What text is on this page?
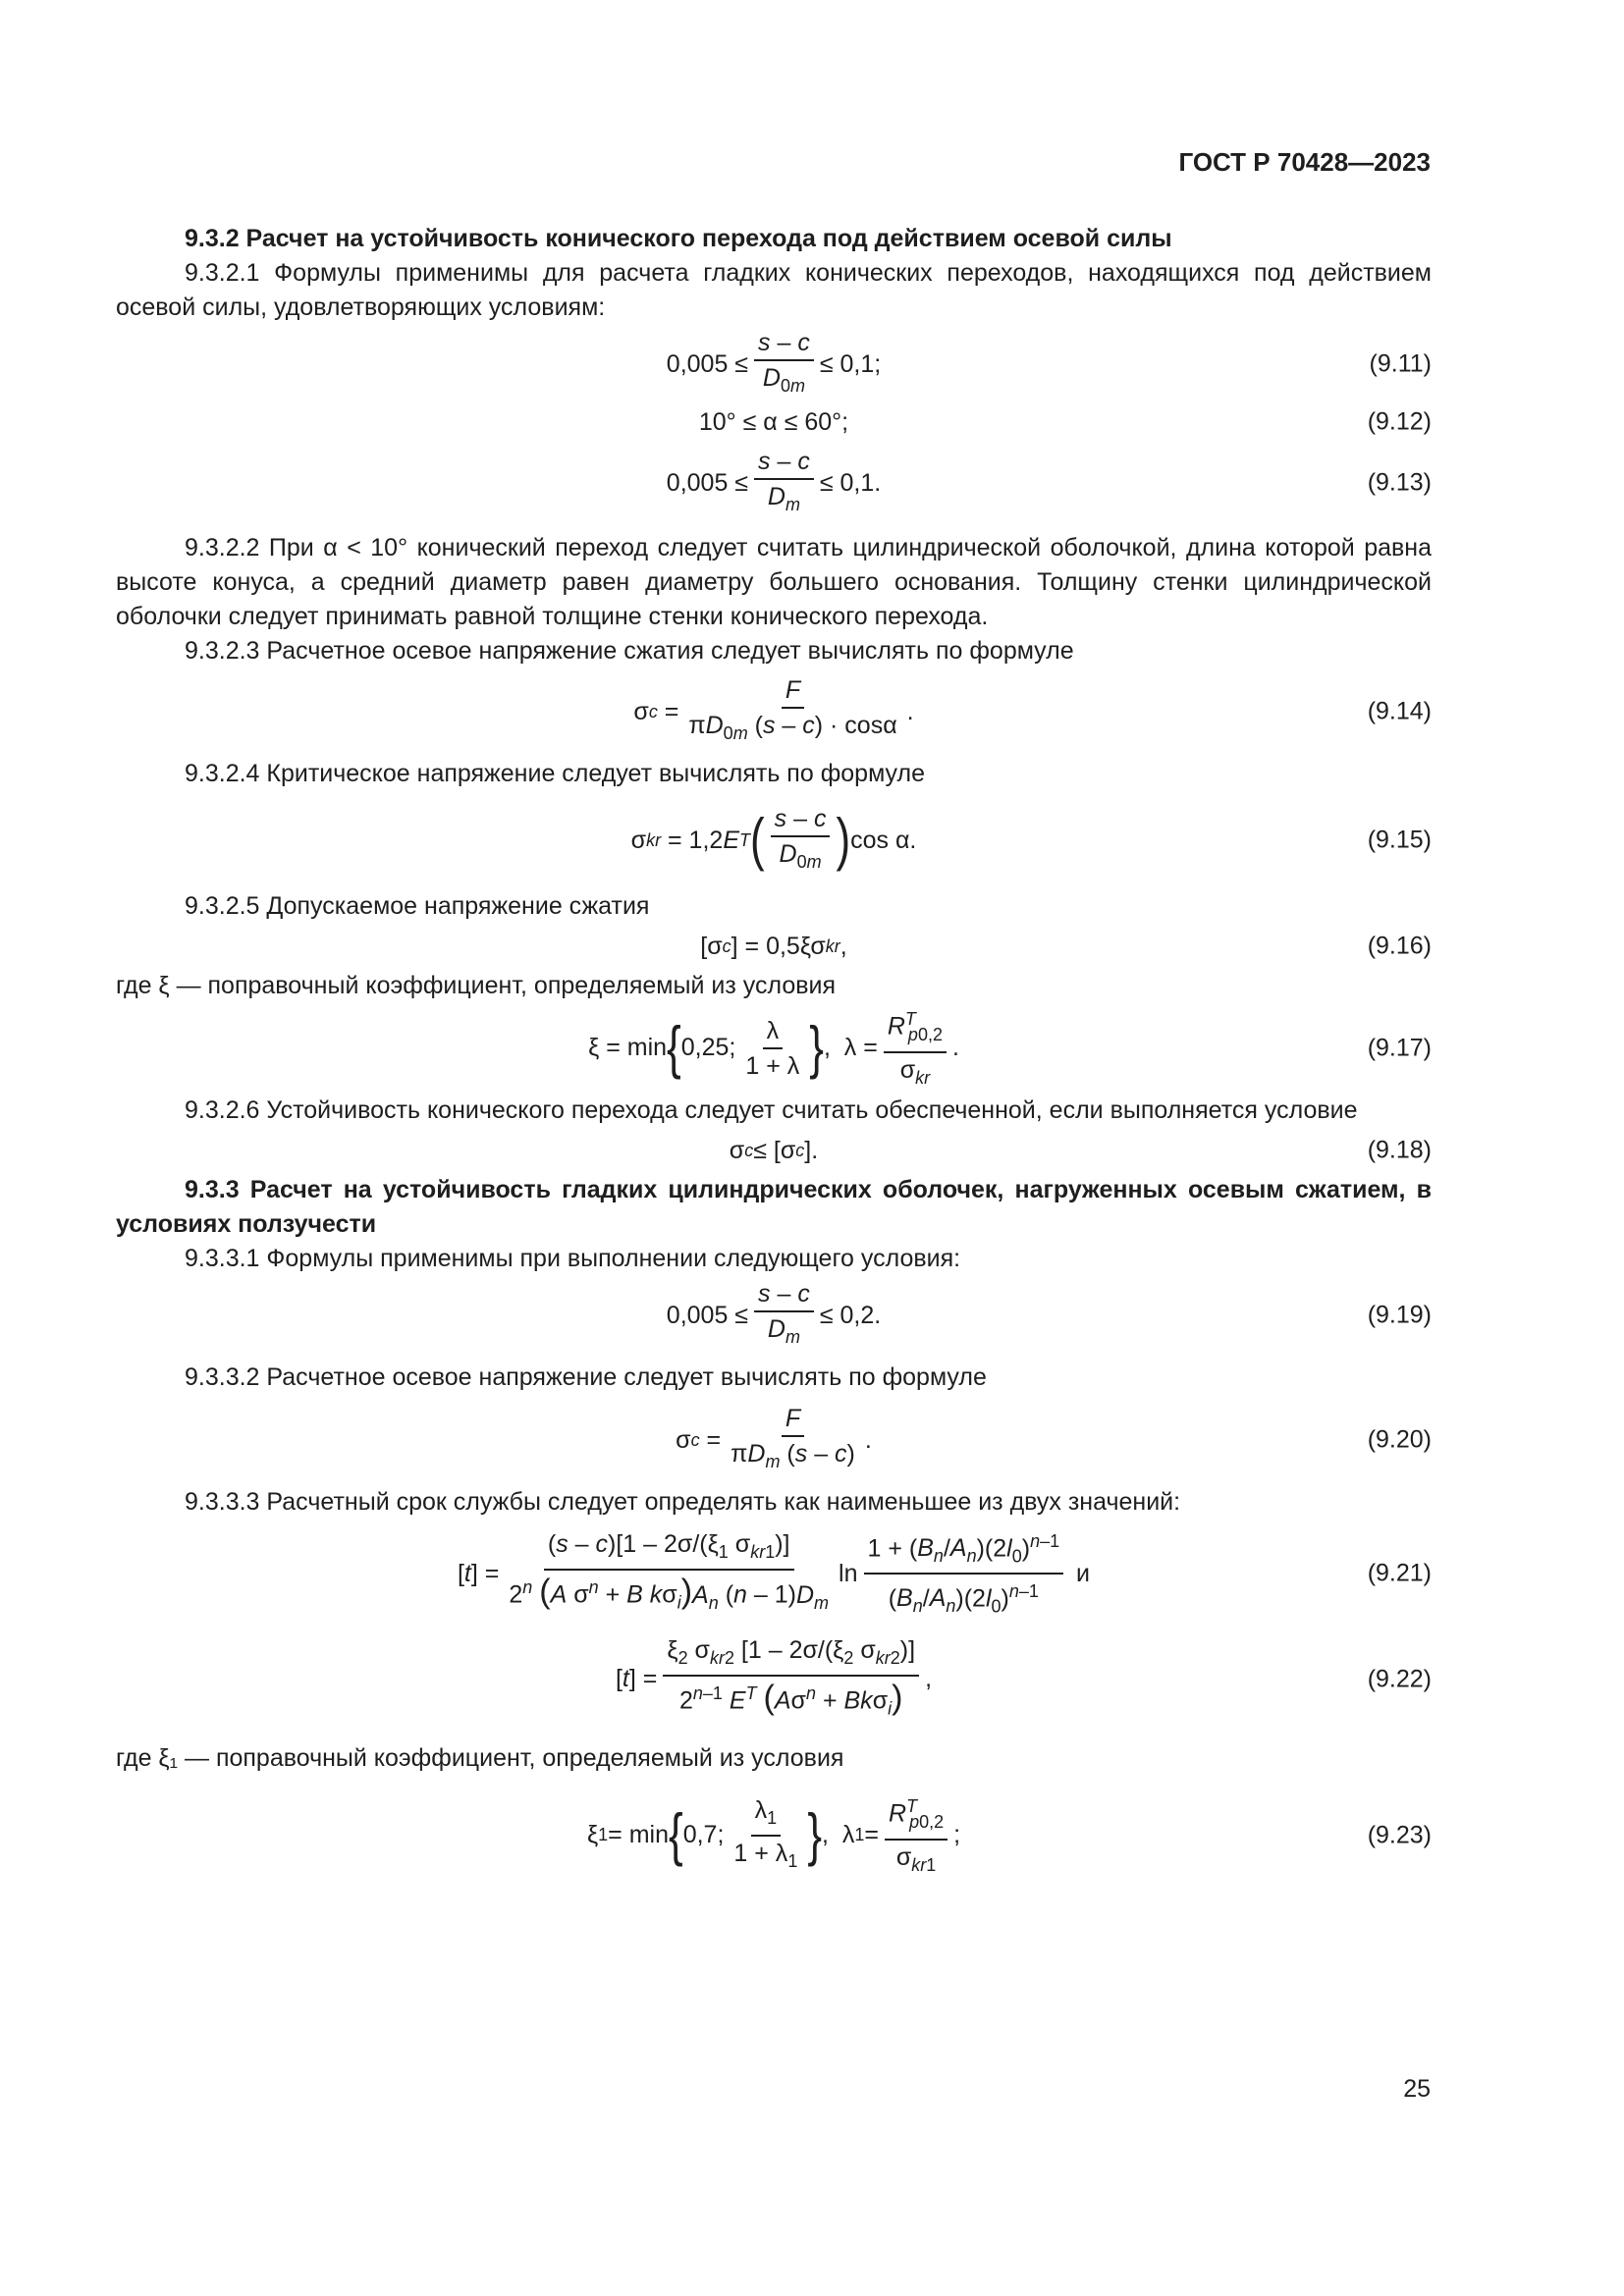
ГОСТ Р 70428—2023

9.3.2 Расчет на устойчивость конического перехода под действием осевой силы

9.3.2.1 Формулы применимы для расчета гладких конических переходов, находящихся под действием осевой силы, удовлетворяющих условиям:

$0,005 \le \frac{s - c}{D_{0m}} \le 0,1$;	(9.11)
10° ≤ α ≤ 60°;	(9.12)
$0,005 \le \frac{s - c}{D_m} \le 0,1$.	(9.13)

9.3.2.2 При α < 10° конический переход следует считать цилиндрической оболочкой, длина которой равна высоте конуса, а средний диаметр равен диаметру большего основания. Толщину стенки цилиндрической оболочки следует принимать равной толщине стенки конического перехода.

9.3.2.3 Расчетное осевое напряжение сжатия следует вычислять по формуле

σ $c = \frac{F}{\pi D_{0m} (s - c) \cdot \cos\alpha}$ .	(9.14)

9.3.2.4 Критическое напряжение следует вычислять по формуле

σ kr = 1,2 E T ( $\frac{s - c}{D_{0m}}$ ) cos α.	(9.15)

9.3.2.5 Допускаемое напряжение сжатия

[σ c ] = 0,5ξσ kr ,	(9.16)

где ξ — поправочный коэффициент, определяемый из условия

ξ = min { 0,25; $\frac{\lambda}{1 + \lambda}$ } ,  $\lambda = \frac{R^T_{p0,2}}{\sigma_{kr}}$ .	(9.17)

9.3.2.6 Устойчивость конического перехода следует считать обеспеченной, если выполняется условие

σ c ≤ [σ c ].	(9.18)

9.3.3 Расчет на устойчивость гладких цилиндрических оболочек, нагруженных осевым сжатием, в условиях ползучести

9.3.3.1 Формулы применимы при выполнении следующего условия:

$0,005 \le \frac{s - c}{D_m} \le 0,2$.	(9.19)

9.3.3.2 Расчетное осевое напряжение следует вычислять по формуле

σ $c = \frac{F}{\pi D_m (s - c)}$ .	(9.20)

9.3.3.3 Расчетный срок службы следует определять как наименьшее из двух значений:

[ t ] = $\frac{(s - c)[1 - 2\sigma/(\xi_1 \sigma_{kr1})]}{2^n (A \sigma^n + B k\sigma_i)A_n (n - 1)D_m}$ $\ln \frac{1 + (B_n/A_n)(2l_0)^{n-1}}{(B_n/A_n)(2l_0)^{n-1}}$ и	(9.21)
[ t ] = $\frac{\xi_2 \sigma_{kr2} [1 - 2\sigma/(\xi_2 \sigma_{kr2})]}{2^{n-1} E^T (A\sigma^n + Bk\sigma_i)}$ ,	(9.22)

где ξ₁ — поправочный коэффициент, определяемый из условия

ξ 1 = min { 0,7; $\frac{\lambda_1}{1 + \lambda_1}$ } ,  λ $1 = \frac{R^T_{p0,2}}{\sigma_{kr1}}$ ;	(9.23)
25
